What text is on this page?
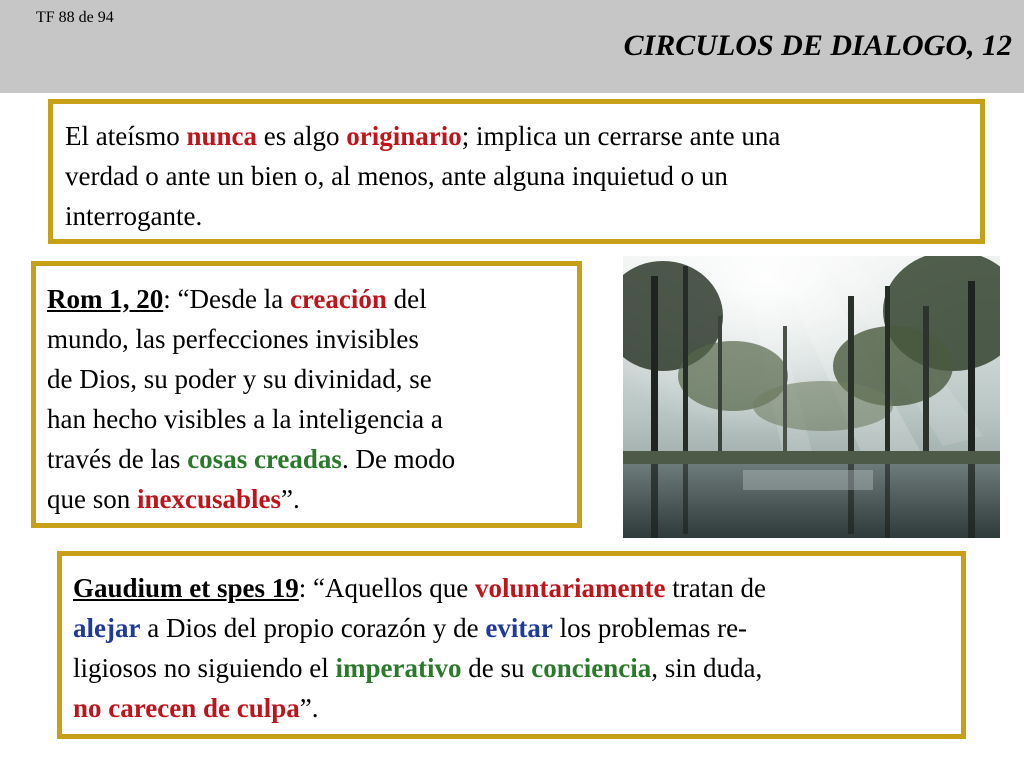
TF 88 de 94
CIRCULOS DE DIALOGO, 12
El ateísmo nunca es algo originario; implica un cerrarse ante una
verdad o ante un bien o, al menos, ante alguna inquietud o un
interrogante.
Rom 1, 20: “Desde la creación del
mundo, las perfecciones invisibles
de Dios, su poder y su divinidad, se
han hecho visibles a la inteligencia a
través de las cosas creadas. De modo
que son inexcusables”.
Gaudium et spes 19: “Aquellos que voluntariamente tratan de
alejar a Dios del propio corazón y de evitar los problemas re-
ligiosos no siguiendo el imperativo de su conciencia, sin duda,
no carecen de culpa”.
